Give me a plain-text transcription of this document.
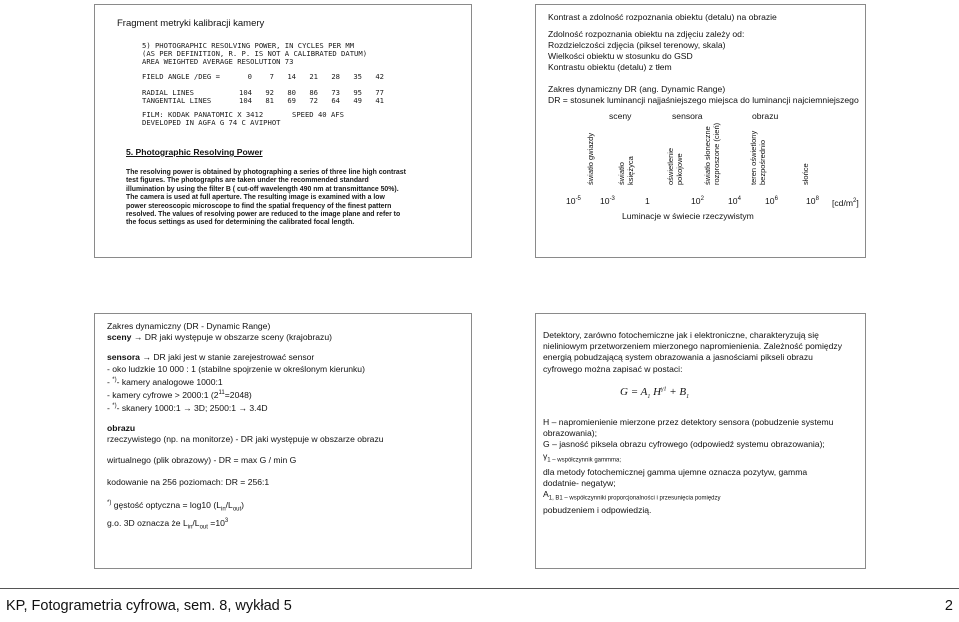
Fragment metryki kalibracji kamery
5) PHOTOGRAPHIC RESOLVING POWER, IN CYCLES PER MM
(AS PER DEFINITION, R. P. IS NOT A CALIBRATED DATUM)
AREA WEIGHTED AVERAGE RESOLUTION 73
FIELD ANGLE /DEG =	0	7	14	21	28	35	42
RADIAL LINES	104	92	80	86	73	95	77
TANGENTIAL LINES	104	81	69	72	64	49	41
FILM: KODAK PANATOMIC X 3412	SPEED 40 AFS
DEVELOPED IN AGFA G 74 C AVIPHOT
5. Photographic Resolving Power
The resolving power is obtained by photographing a series of three line high contrast
test figures. The photographs are taken under the recommended standard
illumination by using the filter B ( cut-off wavelength 490 nm at transmittance 50%).
The camera is used at full aperture. The resulting image is examined with a low
power stereoscopic microscope to find the spatial frequency of the finest pattern
resolved. The values of resolving power are reduced to the image plane and refer to
the focus settings as used for determining the calibrated focal length.
Kontrast a zdolność rozpoznania obiektu (detalu) na obrazie
Zdolność rozpoznania obiektu na zdjęciu zależy od:
Rozdzielczości zdjęcia (piksel terenowy, skala)
Wielkości obiektu w stosunku do GSD
Kontrastu obiektu (detalu) z tłem
Zakres dynamiczny DR (ang. Dynamic Range)
DR = stosunek luminancji najjaśniejszego miejsca do luminancji najciemniejszego
sceny	sensora	obrazu
światło gwiazdy	światło księżyca	oświetlenie pokojowe	światło słoneczne rozproszone (cień)	teren oświetlony bezpośrednio	słońce
$10^{-5}$ $10^{-3}$	1	$10^2$	$10^4$	$10^6$	$10^8$ $[cd/m^2]$
Luminacje w świecie rzeczywistym
Zakres dynamiczny (DR - Dynamic Range)
sceny → DR jaki występuje w obszarze sceny (krajobrazu)
sensora → DR jaki jest w stanie zarejestrować sensor
- oko ludzkie 10 000 : 1 (stabilne spojrzenie w określonym kierunku)
- *)- kamery analogowe 1000:1
- kamery cyfrowe > 2000:1 $(2^{11}=2048)$
- *)- skanery 1000:1 → 3D; 2500:1 → 3.4D
obrazu
rzeczywistego (np. na monitorze) - DR jaki występuje w obszarze obrazu
wirtualnego (plik obrazowy) - DR = max G / min G
kodowanie na 256 poziomach: DR = 256:1
*) gęstość optyczna = log10 $(L_{in}/L_{out})$
g.o. 3D oznacza że $L_{in}/L_{out} =10^3$
Detektory, zarówno fotochemiczne jak i elektroniczne, charakteryzują się
nieliniowym przetworzeniem mierzonego napromienienia. Zależność pomiędzy
energią pobudzającą system obrazowania a jasnościami pikseli obrazu
cyfrowego można zapisać w postaci:
$G = A_1$ $H^{\gamma 1} + B_1$
H – napromienienie mierzone przez detektory sensora (pobudzenie systemu
obrazowania);
G – jasność piksela obrazu cyfrowego (odpowiedź systemu obrazowania);
$\gamma_{1 - współczynnik gammma;}$
dla metody fotochemicznej gamma ujemne oznacza pozytyw, gamma
dodatnie- negatyw;
$A_{1, B1 - współczynniki proporcjonalności i przesunięcia pomiędzy}$
pobudzeniem i odpowiedzią.
KP, Fotogrametria cyfrowa, sem. 8, wykład 5	2
